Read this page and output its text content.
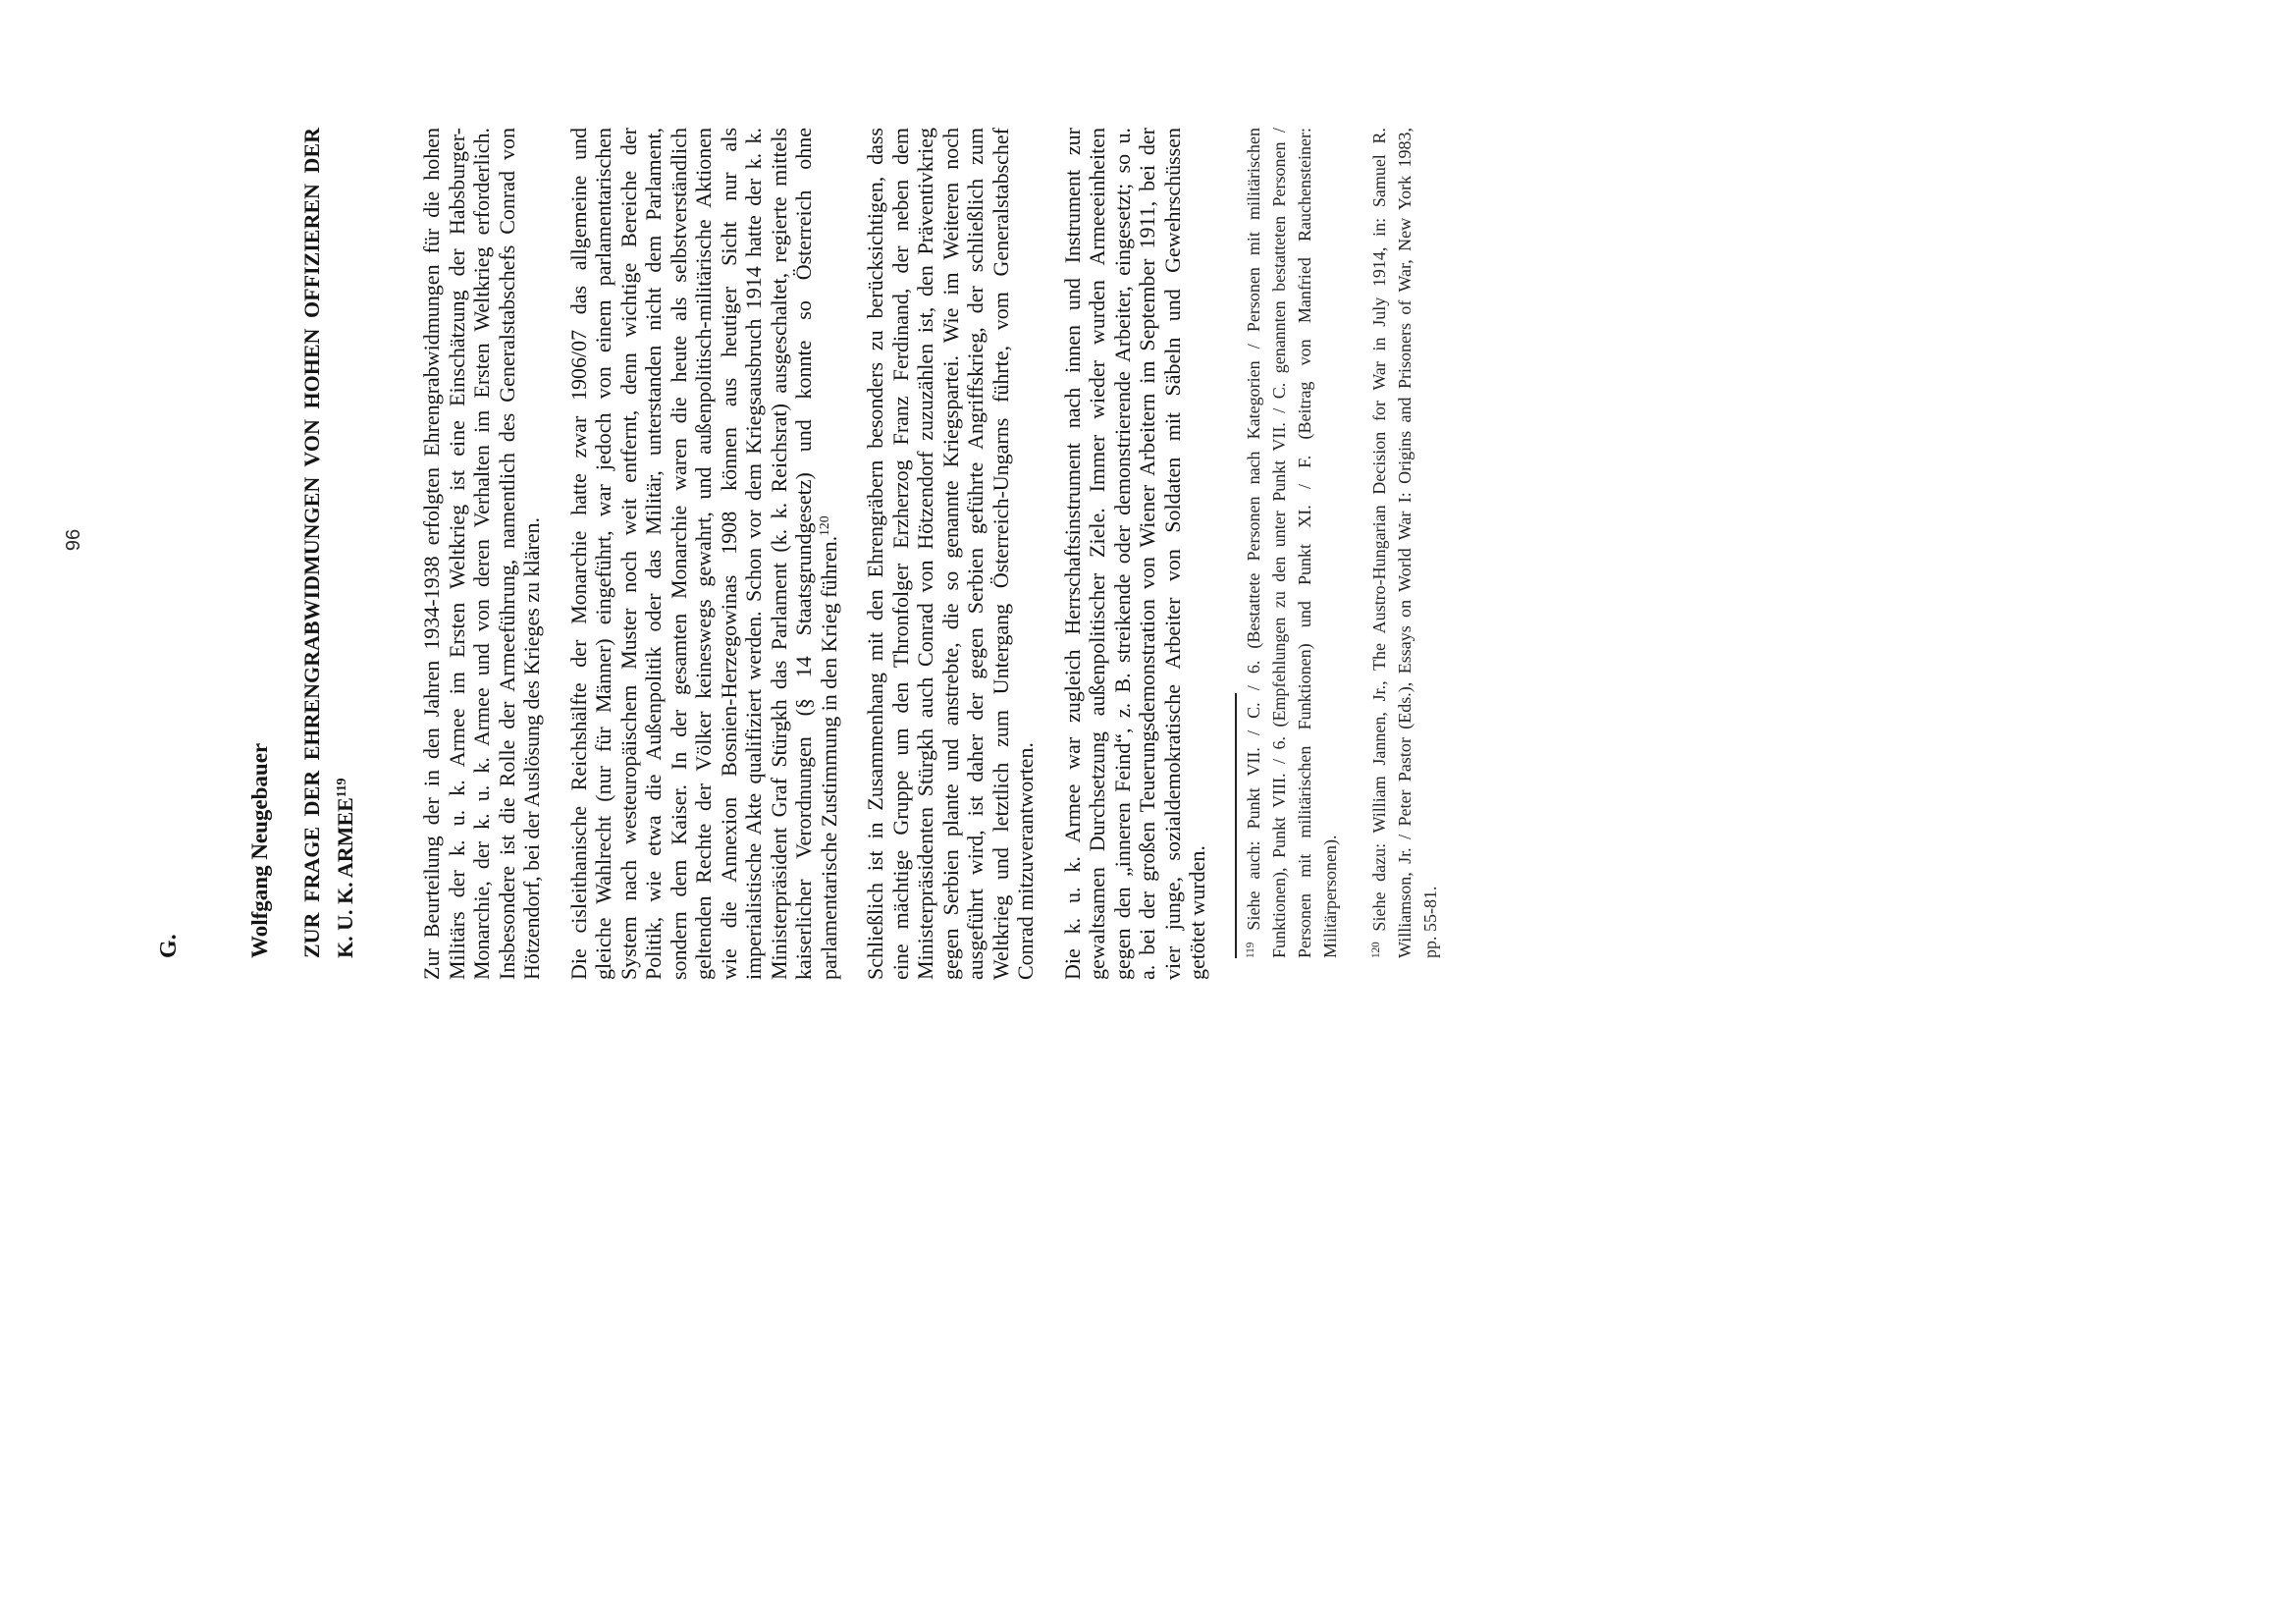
96
G.	Wolfgang Neugebauer ZUR FRAGE DER EHRENGRABWIDMUNGEN VON HOHEN OFFIZIEREN DER K. U. K. ARMEE$^{119}$	Zur Beurteilung der in den Jahren 1934-1938 erfolgten Ehrengrabwidmungen für die hohen Militärs der k. u. k. Armee im Ersten Weltkrieg ist eine Einschätzung der Habsburger- Monarchie, der k. u. k. Armee und von deren Verhalten im Ersten Weltkrieg erforderlich. Insbesondere ist die Rolle der Armeeführung, namentlich des Generalstabschefs Conrad von Hötzendorf, bei der Auslösung des Krieges zu klären. Die cisleithanische Reichshälfte der Monarchie hatte zwar 1906/07 das allgemeine und gleiche Wahlrecht (nur für Männer) eingeführt, war jedoch von einem parlamentarischen System nach westeuropäischem Muster noch weit entfernt, denn wichtige Bereiche der Politik, wie etwa die Außenpolitik oder das Militär, unterstanden nicht dem Parlament, sondern dem Kaiser. In der gesamten Monarchie waren die heute als selbstverständlich geltenden Rechte der Völker keineswegs gewahrt, und außenpolitisch-militärische Aktionen wie die Annexion Bosnien-Herzegowinas 1908 können aus heutiger Sicht nur als imperialistische Akte qualifiziert werden. Schon vor dem Kriegsausbruch 1914 hatte der k. k. Ministerpräsident Graf Stürgkh das Parlament (k. k. Reichsrat) ausgeschaltet, regierte mittels kaiserlicher Verordnungen (§ 14 Staatsgrundgesetz) und konnte so Österreich ohne parlamentarische Zustimmung in den Krieg führen.$^{120}$	Schließlich ist in Zusammenhang mit den Ehrengräbern besonders zu berücksichtigen, dass eine mächtige Gruppe um den Thronfolger Erzherzog Franz Ferdinand, der neben dem Ministerpräsidenten Stürgkh auch Conrad von Hötzendorf zuzuzählen ist, den Präventivkrieg gegen Serbien plante und anstrebte, die so genannte Kriegspartei. Wie im Weiteren noch ausgeführt wird, ist daher der gegen Serbien geführte Angriffskrieg, der schließlich zum Weltkrieg und letztlich zum Untergang Österreich-Ungarns führte, vom Generalstabschef Conrad mitzuverantworten. Die k. u. k. Armee war zugleich Herrschaftsinstrument nach innen und Instrument zur gewaltsamen Durchsetzung außenpolitischer Ziele. Immer wieder wurden Armeeeinheiten gegen den „inneren Feind“, z. B. streikende oder demonstrierende Arbeiter, eingesetzt; so u. a. bei der großen Teuerungsdemonstration von Wiener Arbeitern im September 1911, bei der vier junge, sozialdemokratische Arbeiter von Soldaten mit Säbeln und Gewehrschüssen getötet wurden.	$^{119}$ Siehe auch: Punkt VII. / C. / 6. (Bestattete Personen nach Kategorien / Personen mit militärischen Funktionen), Punkt VIII. / 6. (Empfehlungen zu den unter Punkt VII. / C. genannten bestatteten Personen / Personen mit militärischen Funktionen) und Punkt XI. / F. (Beitrag von Manfried Rauchensteiner: Militärpersonen).	$^{120}$ Siehe dazu: William Jannen, Jr., The Austro-Hungarian Decision for War in July 1914, in: Samuel R. Williamson, Jr. / Peter Pastor (Eds.), Essays on World War I: Origins and Prisoners of War, New York 1983, pp. 55-81.
